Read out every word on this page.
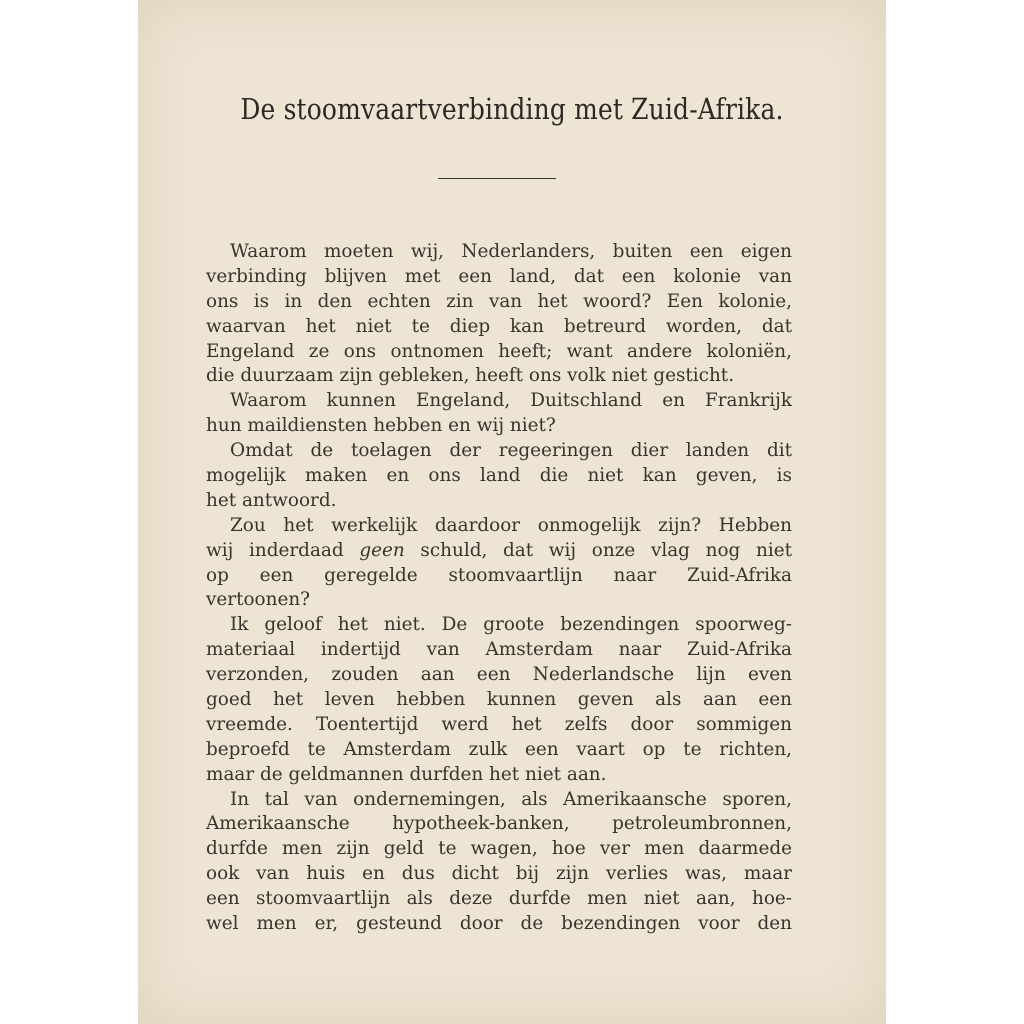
De stoomvaartverbinding met Zuid-Afrika.
Waarom moeten wij, Nederlanders, buiten een eigen
verbinding blijven met een land, dat een kolonie van
ons is in den echten zin van het woord? Een kolonie,
waarvan het niet te diep kan betreurd worden, dat
Engeland ze ons ontnomen heeft; want andere koloniën,
die duurzaam zijn gebleken, heeft ons volk niet gesticht.
Waarom kunnen Engeland, Duitschland en Frankrijk
hun maildiensten hebben en wij niet?
Omdat de toelagen der regeeringen dier landen dit
mogelijk maken en ons land die niet kan geven, is
het antwoord.
Zou het werkelijk daardoor onmogelijk zijn? Hebben
wij inderdaad geen schuld, dat wij onze vlag nog niet
op een geregelde stoomvaartlijn naar Zuid-Afrika
vertoonen?
Ik geloof het niet. De groote bezendingen spoorweg-
materiaal indertijd van Amsterdam naar Zuid-Afrika
verzonden, zouden aan een Nederlandsche lijn even
goed het leven hebben kunnen geven als aan een
vreemde. Toentertijd werd het zelfs door sommigen
beproefd te Amsterdam zulk een vaart op te richten,
maar de geldmannen durfden het niet aan.
In tal van ondernemingen, als Amerikaansche sporen,
Amerikaansche hypotheek-banken, petroleumbronnen,
durfde men zijn geld te wagen, hoe ver men daarmede
ook van huis en dus dicht bij zijn verlies was, maar
een stoomvaartlijn als deze durfde men niet aan, hoe-
wel men er, gesteund door de bezendingen voor den
